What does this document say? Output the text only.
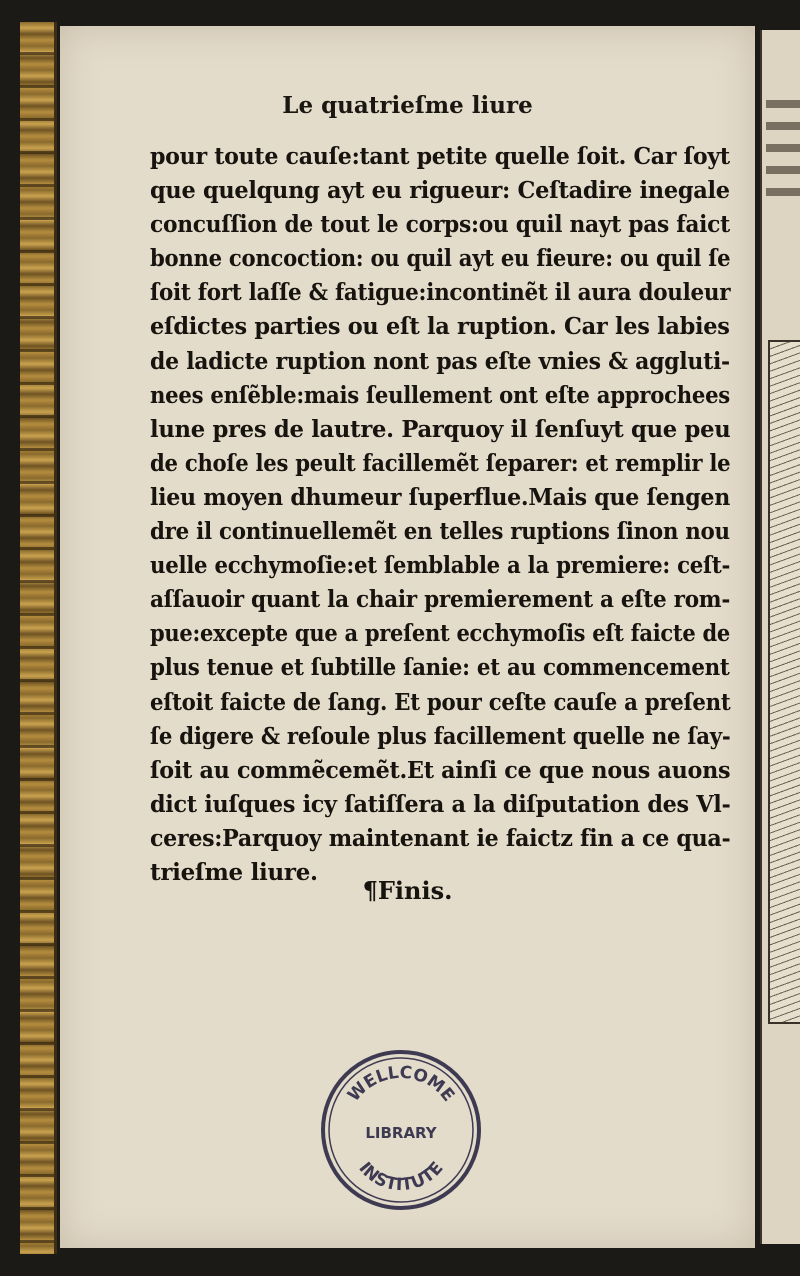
Le quatrieſme liure
pour toute cauſe:tant petite quelle ſoit. Car ſoyt
que quelqung ayt eu rigueur: Ceſtadire inegale
concuſſion de tout le corps:ou quil nayt pas faict
bonne concoction: ou quil ayt eu fieure: ou quil ſe
ſoit fort laſſe & fatigue:incontinẽt il aura douleur
eſdictes parties ou eſt la ruption. Car les labies
de ladicte ruption nont pas eſte vnies & aggluti-
nees enſẽble:mais ſeullement ont eſte approchees
lune pres de lautre. Parquoy il ſenſuyt que peu
de choſe les peult facillemẽt ſeparer: et remplir le
lieu moyen dhumeur ſuperflue.Mais que ſengen
dre il continuellemẽt en telles ruptions ſinon nou
uelle ecchymoſie:et ſemblable a la premiere: ceſt-
aſſauoir quant la chair premierement a eſte rom-
pue:excepte que a preſent ecchymoſis eſt faicte de
plus tenue et ſubtille ſanie: et au commencement
eſtoit faicte de ſang. Et pour ceſte cauſe a preſent
ſe digere & reſoule plus facillement quelle ne ſay-
ſoit au commẽcemẽt.Et ainſi ce que nous auons
dict iuſques icy ſatiſſera a la diſputation des Vl-
ceres:Parquoy maintenant ie faictz fin a ce qua-
trieſme liure.
¶Finis.
WELLCOME
LIBRARY
INSTITUTE
